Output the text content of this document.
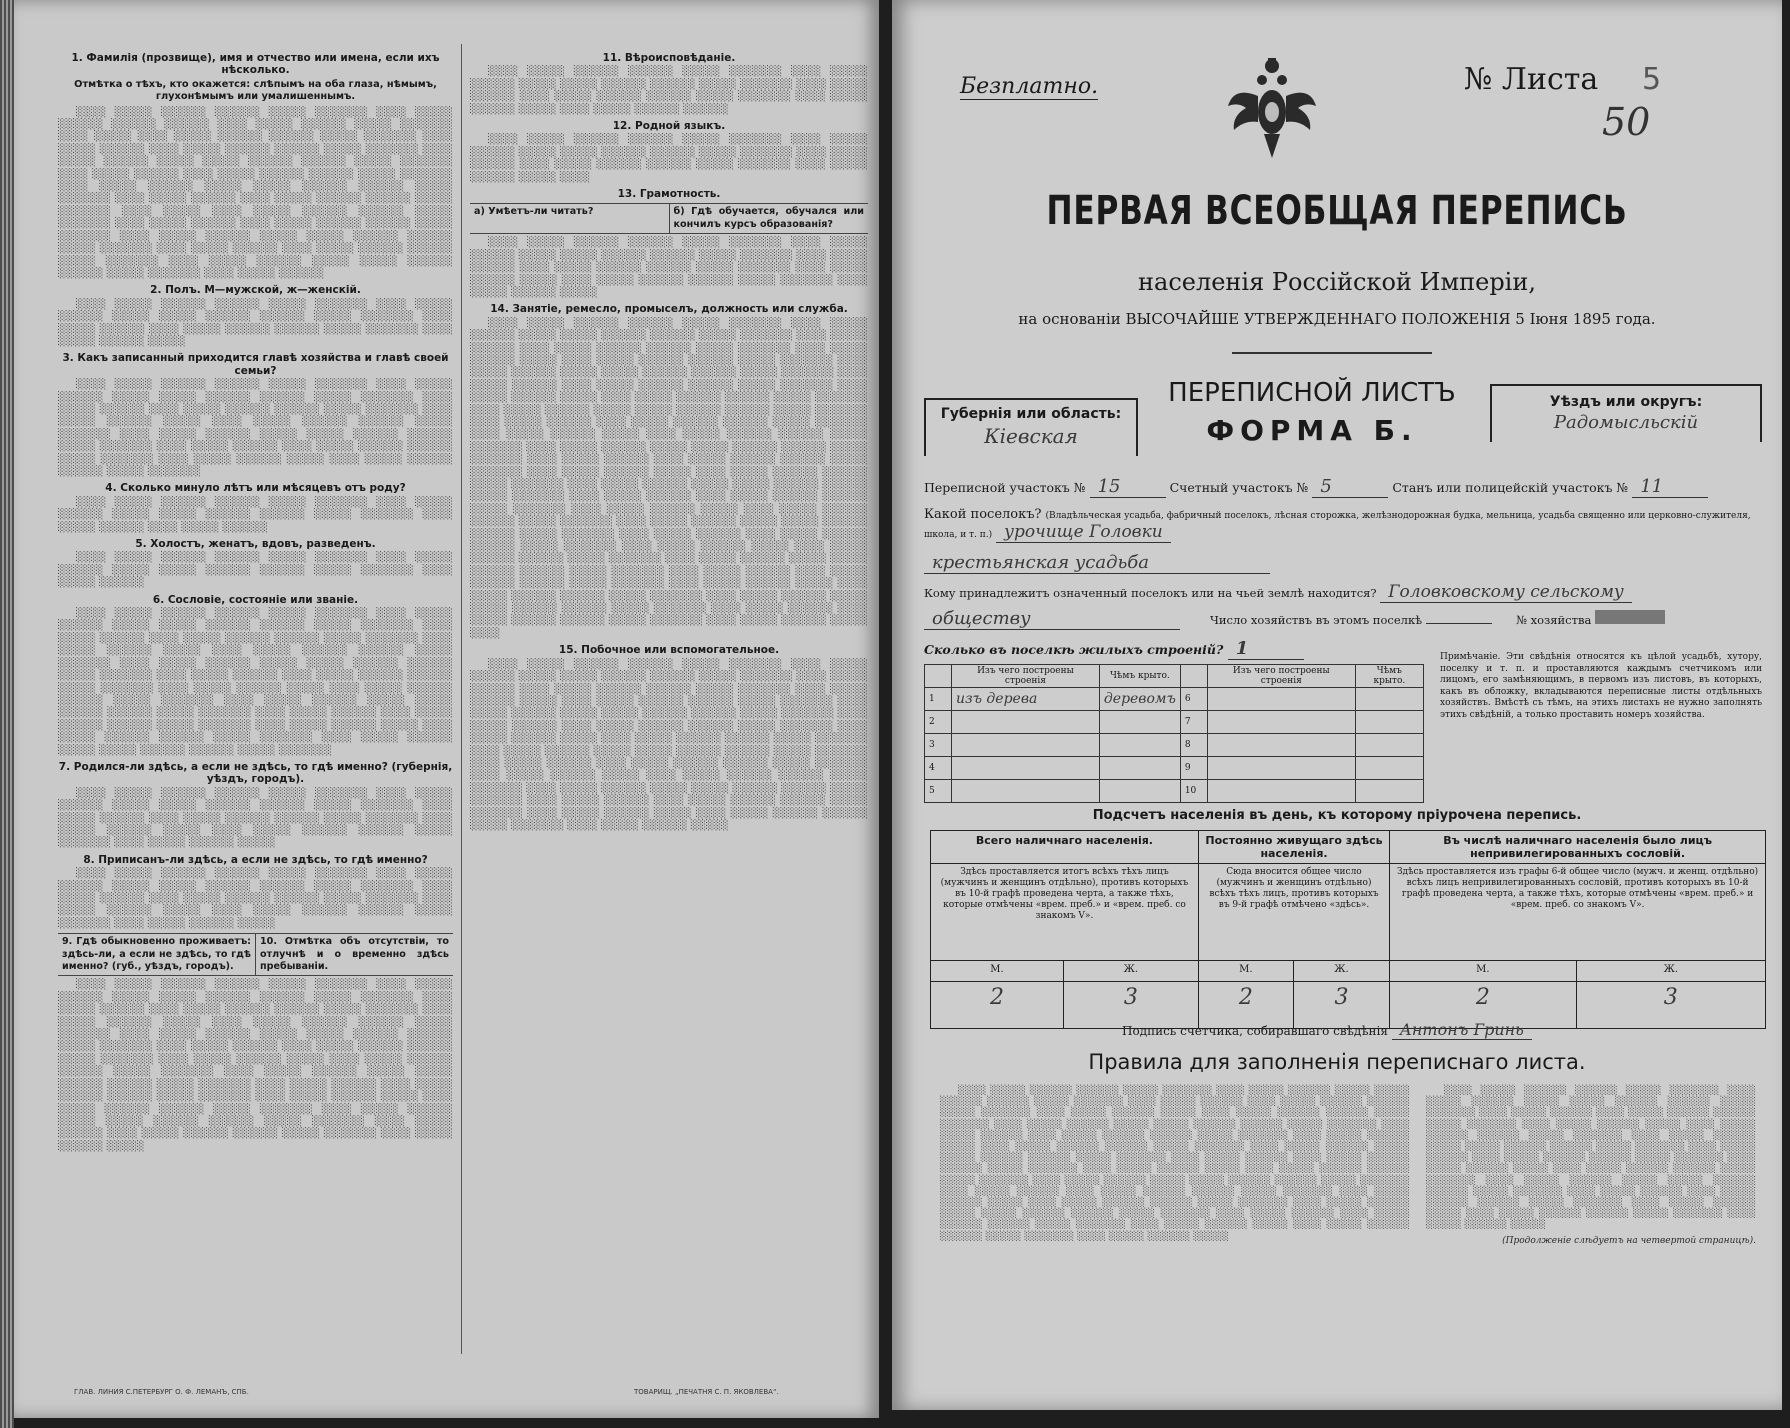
1. Фамилія (прозвище), имя и отчество или имена, если ихъ нѣсколько.
Отмѣтка о тѣхъ, кто окажется: слѣпымъ на оба глаза, нѣмымъ, глухонѣмымъ или умалишеннымъ.
░░░░ ░░░░░ ░░░░░░ ░░░░░░ ░░░░░ ░░░░░░░ ░░░░ ░░░░░ ░░░░░░ ░░░░░░ ░░░░░░ ░░░░ ░░░░░ ░░░░░░ ░░░░░ ░░░░░░░ ░░░░ ░░░░░ ░░░░ ░░░░░ ░░░░░░ ░░░░░░ ░░░░░ ░░░░░░░ ░░░░ ░░░░░ ░░░░░░ ░░░░ ░░░░░ ░░░░░░ ░░░░░░ ░░░░░ ░░░░░░░ ░░░░ ░░░░░ ░░░░░░ ░░░░░ ░░░░░ ░░░░░░ ░░░░░░ ░░░░░ ░░░░░░░ ░░░░ ░░░░░ ░░░░░░ ░░░░ ░░░░░ ░░░░░░ ░░░░░░ ░░░░░ ░░░░░░░ ░░░░ ░░░░░ ░░░░░░ ░░░░░ ░░░░░ ░░░░░░ ░░░░░░ ░░░░░ ░░░░░░░ ░░░░ ░░░░░ ░░░░░░ ░░░░ ░░░░░ ░░░░░░ ░░░░░░ ░░░░░ ░░░░░░░ ░░░░ ░░░░░ ░░░░ ░░░░░ ░░░░░░ ░░░░░░ ░░░░░ ░░░░░░░ ░░░░ ░░░░░ ░░░░░░ ░░░░ ░░░░░ ░░░░░░ ░░░░░░ ░░░░░ ░░░░░░░ ░░░░ ░░░░░ ░░░░░░ ░░░░░ ░░░░░ ░░░░░░ ░░░░░░ ░░░░░ ░░░░░░░ ░░░░ ░░░░░ ░░░░░░ ░░░░ ░░░░░ ░░░░░░ ░░░░░░ ░░░░░ ░░░░░░░ ░░░░ ░░░░░ ░░░░░░ ░░░░░ ░░░░░ ░░░░░░ ░░░░░░ ░░░░░ ░░░░░░░ ░░░░ ░░░░░ ░░░░░░
2. Полъ. М—мужской, ж—женскій.
░░░░ ░░░░░ ░░░░░░ ░░░░░░ ░░░░░ ░░░░░░░ ░░░░ ░░░░░ ░░░░░░ ░░░░░ ░░░░░ ░░░░░░ ░░░░░░ ░░░░░ ░░░░░░░ ░░░░ ░░░░░ ░░░░░░ ░░░░ ░░░░░ ░░░░░░ ░░░░░░ ░░░░░ ░░░░░░░ ░░░░ ░░░░░ ░░░░░░ ░░░░░
3. Какъ записанный приходится главѣ хозяйства и главѣ своей семьи?
░░░░ ░░░░░ ░░░░░░ ░░░░░░ ░░░░░ ░░░░░░░ ░░░░ ░░░░░ ░░░░░░ ░░░░░ ░░░░░ ░░░░░░ ░░░░░░ ░░░░░ ░░░░░░░ ░░░░ ░░░░░ ░░░░░░ ░░░░ ░░░░░ ░░░░░░ ░░░░░░ ░░░░░ ░░░░░░░ ░░░░ ░░░░░ ░░░░░░ ░░░░░ ░░░░ ░░░░░ ░░░░░░ ░░░░░░ ░░░░░ ░░░░░░░ ░░░░ ░░░░░ ░░░░░░ ░░░░░ ░░░░░ ░░░░░░ ░░░░░░ ░░░░░ ░░░░░░░ ░░░░ ░░░░░ ░░░░░░ ░░░░ ░░░░░ ░░░░░░ ░░░░░░ ░░░░░ ░░░░░░░ ░░░░ ░░░░░ ░░░░░░ ░░░░░ ░░░░ ░░░░░ ░░░░░░ ░░░░░░ ░░░░░ ░░░░░░░
4. Сколько минуло лѣтъ или мѣсяцевъ отъ роду?
░░░░ ░░░░░ ░░░░░░ ░░░░░░ ░░░░░ ░░░░░░░ ░░░░ ░░░░░ ░░░░░░ ░░░░░ ░░░░░ ░░░░░░ ░░░░░░ ░░░░░ ░░░░░░░ ░░░░ ░░░░░ ░░░░░░ ░░░░ ░░░░░ ░░░░░░
5. Холостъ, женатъ, вдовъ, разведенъ.
░░░░ ░░░░░ ░░░░░░ ░░░░░░ ░░░░░ ░░░░░░░ ░░░░ ░░░░░ ░░░░░░ ░░░░░ ░░░░░ ░░░░░░ ░░░░░░ ░░░░░ ░░░░░░░ ░░░░ ░░░░░ ░░░░░░
6. Сословіе, состояніе или званіе.
░░░░ ░░░░░ ░░░░░░ ░░░░░░ ░░░░░ ░░░░░░░ ░░░░ ░░░░░ ░░░░░░ ░░░░░ ░░░░░ ░░░░░░ ░░░░░░ ░░░░░ ░░░░░░░ ░░░░ ░░░░░ ░░░░░░ ░░░░ ░░░░░ ░░░░░░ ░░░░░░ ░░░░░ ░░░░░░░ ░░░░ ░░░░░ ░░░░░░ ░░░░░ ░░░░ ░░░░░ ░░░░░░ ░░░░░░ ░░░░░ ░░░░░░░ ░░░░ ░░░░░ ░░░░░░ ░░░░░ ░░░░░ ░░░░░░ ░░░░░░ ░░░░░ ░░░░░░░ ░░░░ ░░░░░ ░░░░░░ ░░░░ ░░░░░ ░░░░░░ ░░░░░░ ░░░░░ ░░░░░░░ ░░░░ ░░░░░ ░░░░░░ ░░░░░ ░░░░ ░░░░░ ░░░░░░ ░░░░░░ ░░░░░ ░░░░░░░ ░░░░ ░░░░░ ░░░░░░ ░░░░░ ░░░░░ ░░░░░░ ░░░░░░ ░░░░░ ░░░░░░░ ░░░░ ░░░░░ ░░░░░░ ░░░░ ░░░░░ ░░░░░░ ░░░░░░ ░░░░░ ░░░░░░░ ░░░░ ░░░░░ ░░░░░░ ░░░░░ ░░░░ ░░░░░ ░░░░░░ ░░░░░░ ░░░░░ ░░░░░░░ ░░░░ ░░░░░ ░░░░░░ ░░░░░ ░░░░░ ░░░░░░ ░░░░░░ ░░░░░ ░░░░░░░
7. Родился-ли здѣсь, а если не здѣсь, то гдѣ именно? (губернія, уѣздъ, городъ).
░░░░ ░░░░░ ░░░░░░ ░░░░░░ ░░░░░ ░░░░░░░ ░░░░ ░░░░░ ░░░░░░ ░░░░░ ░░░░░ ░░░░░░ ░░░░░░ ░░░░░ ░░░░░░░ ░░░░ ░░░░░ ░░░░░░ ░░░░ ░░░░░ ░░░░░░ ░░░░░░ ░░░░░ ░░░░░░░ ░░░░ ░░░░░ ░░░░░░ ░░░░░ ░░░░ ░░░░░ ░░░░░░ ░░░░░░ ░░░░░ ░░░░░░░ ░░░░ ░░░░░ ░░░░░░ ░░░░░
8. Приписанъ-ли здѣсь, а если не здѣсь, то гдѣ именно?
░░░░ ░░░░░ ░░░░░░ ░░░░░░ ░░░░░ ░░░░░░░ ░░░░ ░░░░░ ░░░░░░ ░░░░░ ░░░░░ ░░░░░░ ░░░░░░ ░░░░░ ░░░░░░░ ░░░░ ░░░░░ ░░░░░░ ░░░░ ░░░░░ ░░░░░░ ░░░░░░ ░░░░░ ░░░░░░░ ░░░░ ░░░░░ ░░░░░░ ░░░░░ ░░░░ ░░░░░ ░░░░░░ ░░░░░░ ░░░░░ ░░░░░░░ ░░░░ ░░░░░ ░░░░░░ ░░░░░
9. Гдѣ обыкновенно проживаетъ: здѣсь-ли, а если не здѣсь, то гдѣ именно? (губ., уѣздъ, городъ).
10. Отмѣтка объ отсутствіи, то отлучнѣ и о временно здѣсь пребываніи.
░░░░ ░░░░░ ░░░░░░ ░░░░░░ ░░░░░ ░░░░░░░ ░░░░ ░░░░░ ░░░░░░ ░░░░░ ░░░░░ ░░░░░░ ░░░░░░ ░░░░░ ░░░░░░░ ░░░░ ░░░░░ ░░░░░░ ░░░░ ░░░░░ ░░░░░░ ░░░░░░ ░░░░░ ░░░░░░░ ░░░░ ░░░░░ ░░░░░░ ░░░░░ ░░░░ ░░░░░ ░░░░░░ ░░░░░░ ░░░░░ ░░░░░░░ ░░░░ ░░░░░ ░░░░░░ ░░░░░ ░░░░░ ░░░░░░ ░░░░░░ ░░░░░ ░░░░░░░ ░░░░ ░░░░░ ░░░░░░ ░░░░ ░░░░░ ░░░░░░ ░░░░░░ ░░░░░ ░░░░░░░ ░░░░ ░░░░░ ░░░░░░ ░░░░░ ░░░░ ░░░░░ ░░░░░░ ░░░░░░ ░░░░░ ░░░░░░░ ░░░░ ░░░░░ ░░░░░░ ░░░░░ ░░░░░ ░░░░░░ ░░░░░░ ░░░░░ ░░░░░░░ ░░░░ ░░░░░ ░░░░░░ ░░░░ ░░░░░ ░░░░░░ ░░░░░░ ░░░░░ ░░░░░░░ ░░░░ ░░░░░ ░░░░░░ ░░░░░ ░░░░ ░░░░░ ░░░░░░ ░░░░░░ ░░░░░ ░░░░░░░ ░░░░ ░░░░░ ░░░░░░ ░░░░░ ░░░░░ ░░░░░░ ░░░░░░ ░░░░░ ░░░░░░░ ░░░░ ░░░░░ ░░░░░░ ░░░░ ░░░░░ ░░░░░░ ░░░░░░ ░░░░░ ░░░░░░░ ░░░░ ░░░░░ ░░░░░░ ░░░░░
11. Вѣроисповѣданіе.
░░░░ ░░░░░ ░░░░░░ ░░░░░░ ░░░░░ ░░░░░░░ ░░░░ ░░░░░ ░░░░░░ ░░░░░ ░░░░░ ░░░░░░ ░░░░░░ ░░░░░ ░░░░░░░ ░░░░ ░░░░░ ░░░░░░ ░░░░ ░░░░░ ░░░░░░ ░░░░░░ ░░░░░ ░░░░░░░ ░░░░ ░░░░░ ░░░░░░ ░░░░░ ░░░░ ░░░░░ ░░░░░░ ░░░░░░
12. Родной языкъ.
░░░░ ░░░░░ ░░░░░░ ░░░░░░ ░░░░░ ░░░░░░░ ░░░░ ░░░░░ ░░░░░░ ░░░░░ ░░░░░ ░░░░░░ ░░░░░░ ░░░░░ ░░░░░░░ ░░░░ ░░░░░ ░░░░░░ ░░░░ ░░░░░ ░░░░░░ ░░░░░░ ░░░░░ ░░░░░░░ ░░░░ ░░░░░ ░░░░░░ ░░░░░ ░░░░
13. Грамотность.
а) Умѣетъ-ли читать?	б) Гдѣ обучается, обучался или кончилъ курсъ образованія?
░░░░ ░░░░░ ░░░░░░ ░░░░░░ ░░░░░ ░░░░░░░ ░░░░ ░░░░░ ░░░░░░ ░░░░░ ░░░░░ ░░░░░░ ░░░░░░ ░░░░░ ░░░░░░░ ░░░░ ░░░░░ ░░░░░░ ░░░░ ░░░░░ ░░░░░░ ░░░░░░ ░░░░░ ░░░░░░░ ░░░░ ░░░░░ ░░░░░░ ░░░░░ ░░░░ ░░░░░ ░░░░░░ ░░░░░░ ░░░░░ ░░░░░░░ ░░░░ ░░░░░ ░░░░░░ ░░░░░
14. Занятіе, ремесло, промыселъ, должность или служба.
░░░░ ░░░░░ ░░░░░░ ░░░░░░ ░░░░░ ░░░░░░░ ░░░░ ░░░░░ ░░░░░░ ░░░░░ ░░░░░ ░░░░░░ ░░░░░░ ░░░░░ ░░░░░░░ ░░░░ ░░░░░ ░░░░░░ ░░░░ ░░░░░ ░░░░░░ ░░░░░░ ░░░░░ ░░░░░░░ ░░░░ ░░░░░ ░░░░░░ ░░░░░ ░░░░ ░░░░░ ░░░░░░ ░░░░░░ ░░░░░ ░░░░░░░ ░░░░ ░░░░░ ░░░░░░ ░░░░░ ░░░░░ ░░░░░░ ░░░░░░ ░░░░░ ░░░░░░░ ░░░░ ░░░░░ ░░░░░░ ░░░░ ░░░░░ ░░░░░░ ░░░░░░ ░░░░░ ░░░░░░░ ░░░░ ░░░░░ ░░░░░░ ░░░░░ ░░░░ ░░░░░ ░░░░░░ ░░░░░░ ░░░░░ ░░░░░░░ ░░░░ ░░░░░ ░░░░░░ ░░░░░ ░░░░░ ░░░░░░ ░░░░░░ ░░░░░ ░░░░░░░ ░░░░ ░░░░░ ░░░░░░ ░░░░ ░░░░░ ░░░░░░ ░░░░░░ ░░░░░ ░░░░░░░ ░░░░ ░░░░░ ░░░░░░ ░░░░░ ░░░░ ░░░░░ ░░░░░░ ░░░░░░ ░░░░░ ░░░░░░░ ░░░░ ░░░░░ ░░░░░░ ░░░░░ ░░░░░ ░░░░░░ ░░░░░░ ░░░░░ ░░░░░░░ ░░░░ ░░░░░ ░░░░░░ ░░░░ ░░░░░ ░░░░░░ ░░░░░░ ░░░░░ ░░░░░░░ ░░░░ ░░░░░ ░░░░░░ ░░░░░ ░░░░ ░░░░░ ░░░░░░ ░░░░░░ ░░░░░ ░░░░░░░ ░░░░ ░░░░░ ░░░░░░ ░░░░░ ░░░░░ ░░░░░░ ░░░░░░ ░░░░░ ░░░░░░░ ░░░░ ░░░░░ ░░░░░░ ░░░░ ░░░░░ ░░░░░░ ░░░░░░ ░░░░░ ░░░░░░░ ░░░░ ░░░░░ ░░░░░░ ░░░░░ ░░░░ ░░░░░ ░░░░░░ ░░░░░░ ░░░░░ ░░░░░░░ ░░░░ ░░░░░ ░░░░░░ ░░░░░ ░░░░░ ░░░░░░ ░░░░░░ ░░░░░ ░░░░░░░ ░░░░ ░░░░░ ░░░░░░ ░░░░ ░░░░░ ░░░░░░ ░░░░░░ ░░░░░ ░░░░░░░ ░░░░ ░░░░░ ░░░░░░ ░░░░░ ░░░░ ░░░░░ ░░░░░░ ░░░░░░ ░░░░░ ░░░░░░░ ░░░░ ░░░░░ ░░░░░░ ░░░░░ ░░░░░ ░░░░░░ ░░░░░░ ░░░░░ ░░░░░░░ ░░░░ ░░░░░ ░░░░░░ ░░░░ ░░░░░ ░░░░░░ ░░░░░░ ░░░░░ ░░░░░░░ ░░░░ ░░░░░ ░░░░░░ ░░░░░ ░░░░ ░░░░░ ░░░░░░ ░░░░░░ ░░░░░ ░░░░░░░ ░░░░ ░░░░░ ░░░░░░ ░░░░░ ░░░░░ ░░░░░░ ░░░░░░ ░░░░░ ░░░░░░░ ░░░░ ░░░░░ ░░░░░░ ░░░░ ░░░░░ ░░░░░░ ░░░░░░ ░░░░░ ░░░░░░░ ░░░░ ░░░░░ ░░░░░░ ░░░░░ ░░░░
15. Побочное или вспомогательное.
░░░░ ░░░░░ ░░░░░░ ░░░░░░ ░░░░░ ░░░░░░░ ░░░░ ░░░░░ ░░░░░░ ░░░░░ ░░░░░ ░░░░░░ ░░░░░░ ░░░░░ ░░░░░░░ ░░░░ ░░░░░ ░░░░░░ ░░░░ ░░░░░ ░░░░░░ ░░░░░░ ░░░░░ ░░░░░░░ ░░░░ ░░░░░ ░░░░░░ ░░░░░ ░░░░ ░░░░░ ░░░░░░ ░░░░░░ ░░░░░ ░░░░░░░ ░░░░ ░░░░░ ░░░░░░ ░░░░░ ░░░░░ ░░░░░░ ░░░░░░ ░░░░░ ░░░░░░░ ░░░░ ░░░░░ ░░░░░░ ░░░░ ░░░░░ ░░░░░░ ░░░░░░ ░░░░░ ░░░░░░░ ░░░░ ░░░░░ ░░░░░░ ░░░░░ ░░░░ ░░░░░ ░░░░░░ ░░░░░░ ░░░░░ ░░░░░░░ ░░░░ ░░░░░ ░░░░░░ ░░░░░ ░░░░░ ░░░░░░ ░░░░░░ ░░░░░ ░░░░░░░ ░░░░ ░░░░░ ░░░░░░ ░░░░ ░░░░░ ░░░░░░ ░░░░░░ ░░░░░ ░░░░░░░ ░░░░ ░░░░░ ░░░░░░ ░░░░░ ░░░░ ░░░░░ ░░░░░░ ░░░░░░ ░░░░░ ░░░░░░░ ░░░░ ░░░░░ ░░░░░░ ░░░░░ ░░░░░ ░░░░░░ ░░░░░░ ░░░░░ ░░░░░░░ ░░░░ ░░░░░ ░░░░░░ ░░░░ ░░░░░ ░░░░░░ ░░░░░░ ░░░░░ ░░░░░░░ ░░░░ ░░░░░ ░░░░░░ ░░░░░ ░░░░ ░░░░░ ░░░░░░ ░░░░░░ ░░░░░ ░░░░░░░ ░░░░ ░░░░░ ░░░░░░ ░░░░░
ГЛАВ. ЛИНИЯ С.ПЕТЕРБУРГ О. Ф. ЛЕМАНЪ, СПБ.	ТОВАРИЩ. „ПЕЧАТНЯ С. П. ЯКОВЛЕВА“.
Безплатно.	№ Листа 5
50
ПЕРВАЯ ВСЕОБЩАЯ ПЕРЕПИСЬ
населенія Россійской Имперіи,
на основаніи ВЫСОЧАЙШЕ УТВЕРЖДЕННАГО ПОЛОЖЕНІЯ 5 Іюня 1895 года.
Губернія или область:
Кіевская
ПЕРЕПИСНОЙ ЛИСТЪ
ФОРМА Б.
Уѣздъ или округъ:
Радомысльскій
Переписной участокъ № 15	Счетный участокъ № 5	Станъ или полицейскій участокъ № 11
Какой поселокъ? (Владѣльческая усадьба, фабричный поселокъ, лѣсная сторожка, желѣзнодорожная будка, мельница, усадьба священно или церковно-служителя, школа, и т. п.) урочище Головки
крестьянская усадьба
Кому принадлежитъ означенный поселокъ или на чьей землѣ находится? Головковскому сельскому
обществу	Число хозяйствъ въ этомъ поселкѣ	№ хозяйства
Сколько въ поселкѣ жилыхъ строеній? 1
	Изъ чего построены строенія	Чѣмъ крыто.		Изъ чего построены строенія	Чѣмъ крыто.
1	изъ дерева	деревомъ	6		
2			7		
3			8		
4			9		
5			10		
Примѣчаніе. Эти свѣдѣнія относятся къ цѣлой усадьбѣ, хутору, поселку и т. п. и проставляются каждымъ счетчикомъ или лицомъ, его замѣняющимъ, в первомъ изъ листовъ, въ которыхъ, какъ въ обложку, вкладываются переписные листы отдѣльныхъ хозяйствъ. Вмѣстѣ съ тѣмъ, на этихъ листахъ не нужно заполнять этихъ свѣдѣній, а только проставить номеръ хозяйства.
Подсчетъ населенія въ день, къ которому пріурочена перепись.
Всего наличнаго населенія.		Постоянно живущаго здѣсь населенія.		Въ числѣ наличнаго населенія было лицъ непривилегированныхъ сословій.	
Здѣсь проставляется итогъ всѣхъ тѣхъ лицъ (мужчинъ и женщинъ отдѣльно), противъ которыхъ въ 10-й графѣ проведена черта, а также тѣхъ, которые отмѣчены «врем. преб.» и «врем. преб. со знакомъ V».		Сюда вносится общее число (мужчинъ и женщинъ отдѣльно) всѣхъ тѣхъ лицъ, противъ которыхъ въ 9-й графѣ отмѣчено «здѣсь».		Здѣсь проставляется изъ графы 6-й общее число (мужч. и женщ. отдѣльно) всѣхъ лицъ непривилегированныхъ сословій, противъ которыхъ въ 10-й графѣ проведена черта, а также тѣхъ, которые отмѣчены «врем. преб.» и «врем. преб. со знакомъ V».	
М.	Ж.	М.	Ж.	М.	Ж.
2	3	2	3	2	3
Подпись счетчика, собиравшаго свѣдѣнія Антонъ Гринь
Правила для заполненія переписнаго листа.
░░░░ ░░░░░ ░░░░░░ ░░░░░░ ░░░░░ ░░░░░░░ ░░░░ ░░░░░ ░░░░░░ ░░░░░ ░░░░░ ░░░░░░ ░░░░░░ ░░░░░ ░░░░░░░ ░░░░ ░░░░░ ░░░░░░ ░░░░ ░░░░░ ░░░░░░ ░░░░░░ ░░░░░ ░░░░░░░ ░░░░ ░░░░░ ░░░░░░ ░░░░░ ░░░░ ░░░░░ ░░░░░░ ░░░░░░ ░░░░░ ░░░░░░░ ░░░░ ░░░░░ ░░░░░░ ░░░░░ ░░░░░ ░░░░░░ ░░░░░░ ░░░░░ ░░░░░░░ ░░░░ ░░░░░ ░░░░░░ ░░░░ ░░░░░ ░░░░░░ ░░░░░░ ░░░░░ ░░░░░░░ ░░░░ ░░░░░ ░░░░░░ ░░░░░ ░░░░ ░░░░░ ░░░░░░ ░░░░░░ ░░░░░ ░░░░░░░ ░░░░ ░░░░░ ░░░░░░ ░░░░░ ░░░░░ ░░░░░░ ░░░░░░ ░░░░░ ░░░░░░░ ░░░░ ░░░░░ ░░░░░░ ░░░░ ░░░░░ ░░░░░░ ░░░░░░ ░░░░░ ░░░░░░░ ░░░░ ░░░░░ ░░░░░░ ░░░░░ ░░░░ ░░░░░ ░░░░░░ ░░░░░░ ░░░░░ ░░░░░░░ ░░░░ ░░░░░ ░░░░░░ ░░░░░ ░░░░░ ░░░░░░ ░░░░░░ ░░░░░ ░░░░░░░ ░░░░ ░░░░░ ░░░░░░ ░░░░ ░░░░░ ░░░░░░ ░░░░░░ ░░░░░ ░░░░░░░ ░░░░ ░░░░░ ░░░░░░ ░░░░░ ░░░░ ░░░░░ ░░░░░░ ░░░░░░ ░░░░░ ░░░░░░░ ░░░░ ░░░░░ ░░░░░░ ░░░░░ ░░░░░ ░░░░░░ ░░░░░░ ░░░░░ ░░░░░░░ ░░░░ ░░░░░ ░░░░░░ ░░░░ ░░░░░ ░░░░░░ ░░░░░░ ░░░░░ ░░░░░░░ ░░░░ ░░░░░ ░░░░░░ ░░░░░ ░░░░ ░░░░░ ░░░░░░ ░░░░░░ ░░░░░ ░░░░░░░ ░░░░ ░░░░░ ░░░░░░ ░░░░░
░░░░ ░░░░░ ░░░░░░ ░░░░░░ ░░░░░ ░░░░░░░ ░░░░ ░░░░░ ░░░░░░ ░░░░░ ░░░░░ ░░░░░░ ░░░░░░ ░░░░░ ░░░░░░░ ░░░░ ░░░░░ ░░░░░░ ░░░░ ░░░░░ ░░░░░░ ░░░░░░ ░░░░░ ░░░░░░░ ░░░░ ░░░░░ ░░░░░░ ░░░░░ ░░░░ ░░░░░ ░░░░░░ ░░░░░░ ░░░░░ ░░░░░░░ ░░░░ ░░░░░ ░░░░░░ ░░░░░ ░░░░░ ░░░░░░ ░░░░░░ ░░░░░ ░░░░░░░ ░░░░ ░░░░░ ░░░░░░ ░░░░ ░░░░░ ░░░░░░ ░░░░░░ ░░░░░ ░░░░░░░ ░░░░ ░░░░░ ░░░░░░ ░░░░░ ░░░░ ░░░░░ ░░░░░░ ░░░░░░ ░░░░░ ░░░░░░░ ░░░░ ░░░░░ ░░░░░░ ░░░░░ ░░░░░ ░░░░░░ ░░░░░░ ░░░░░ ░░░░░░░ ░░░░ ░░░░░ ░░░░░░ ░░░░ ░░░░░ ░░░░░░ ░░░░░░ ░░░░░ ░░░░░░░ ░░░░ ░░░░░ ░░░░░░ ░░░░░ ░░░░ ░░░░░ ░░░░░░ ░░░░░░ ░░░░░ ░░░░░░░ ░░░░ ░░░░░ ░░░░░░ ░░░░░
(Продолженіе слѣдуетъ на четвертой страницѣ).
